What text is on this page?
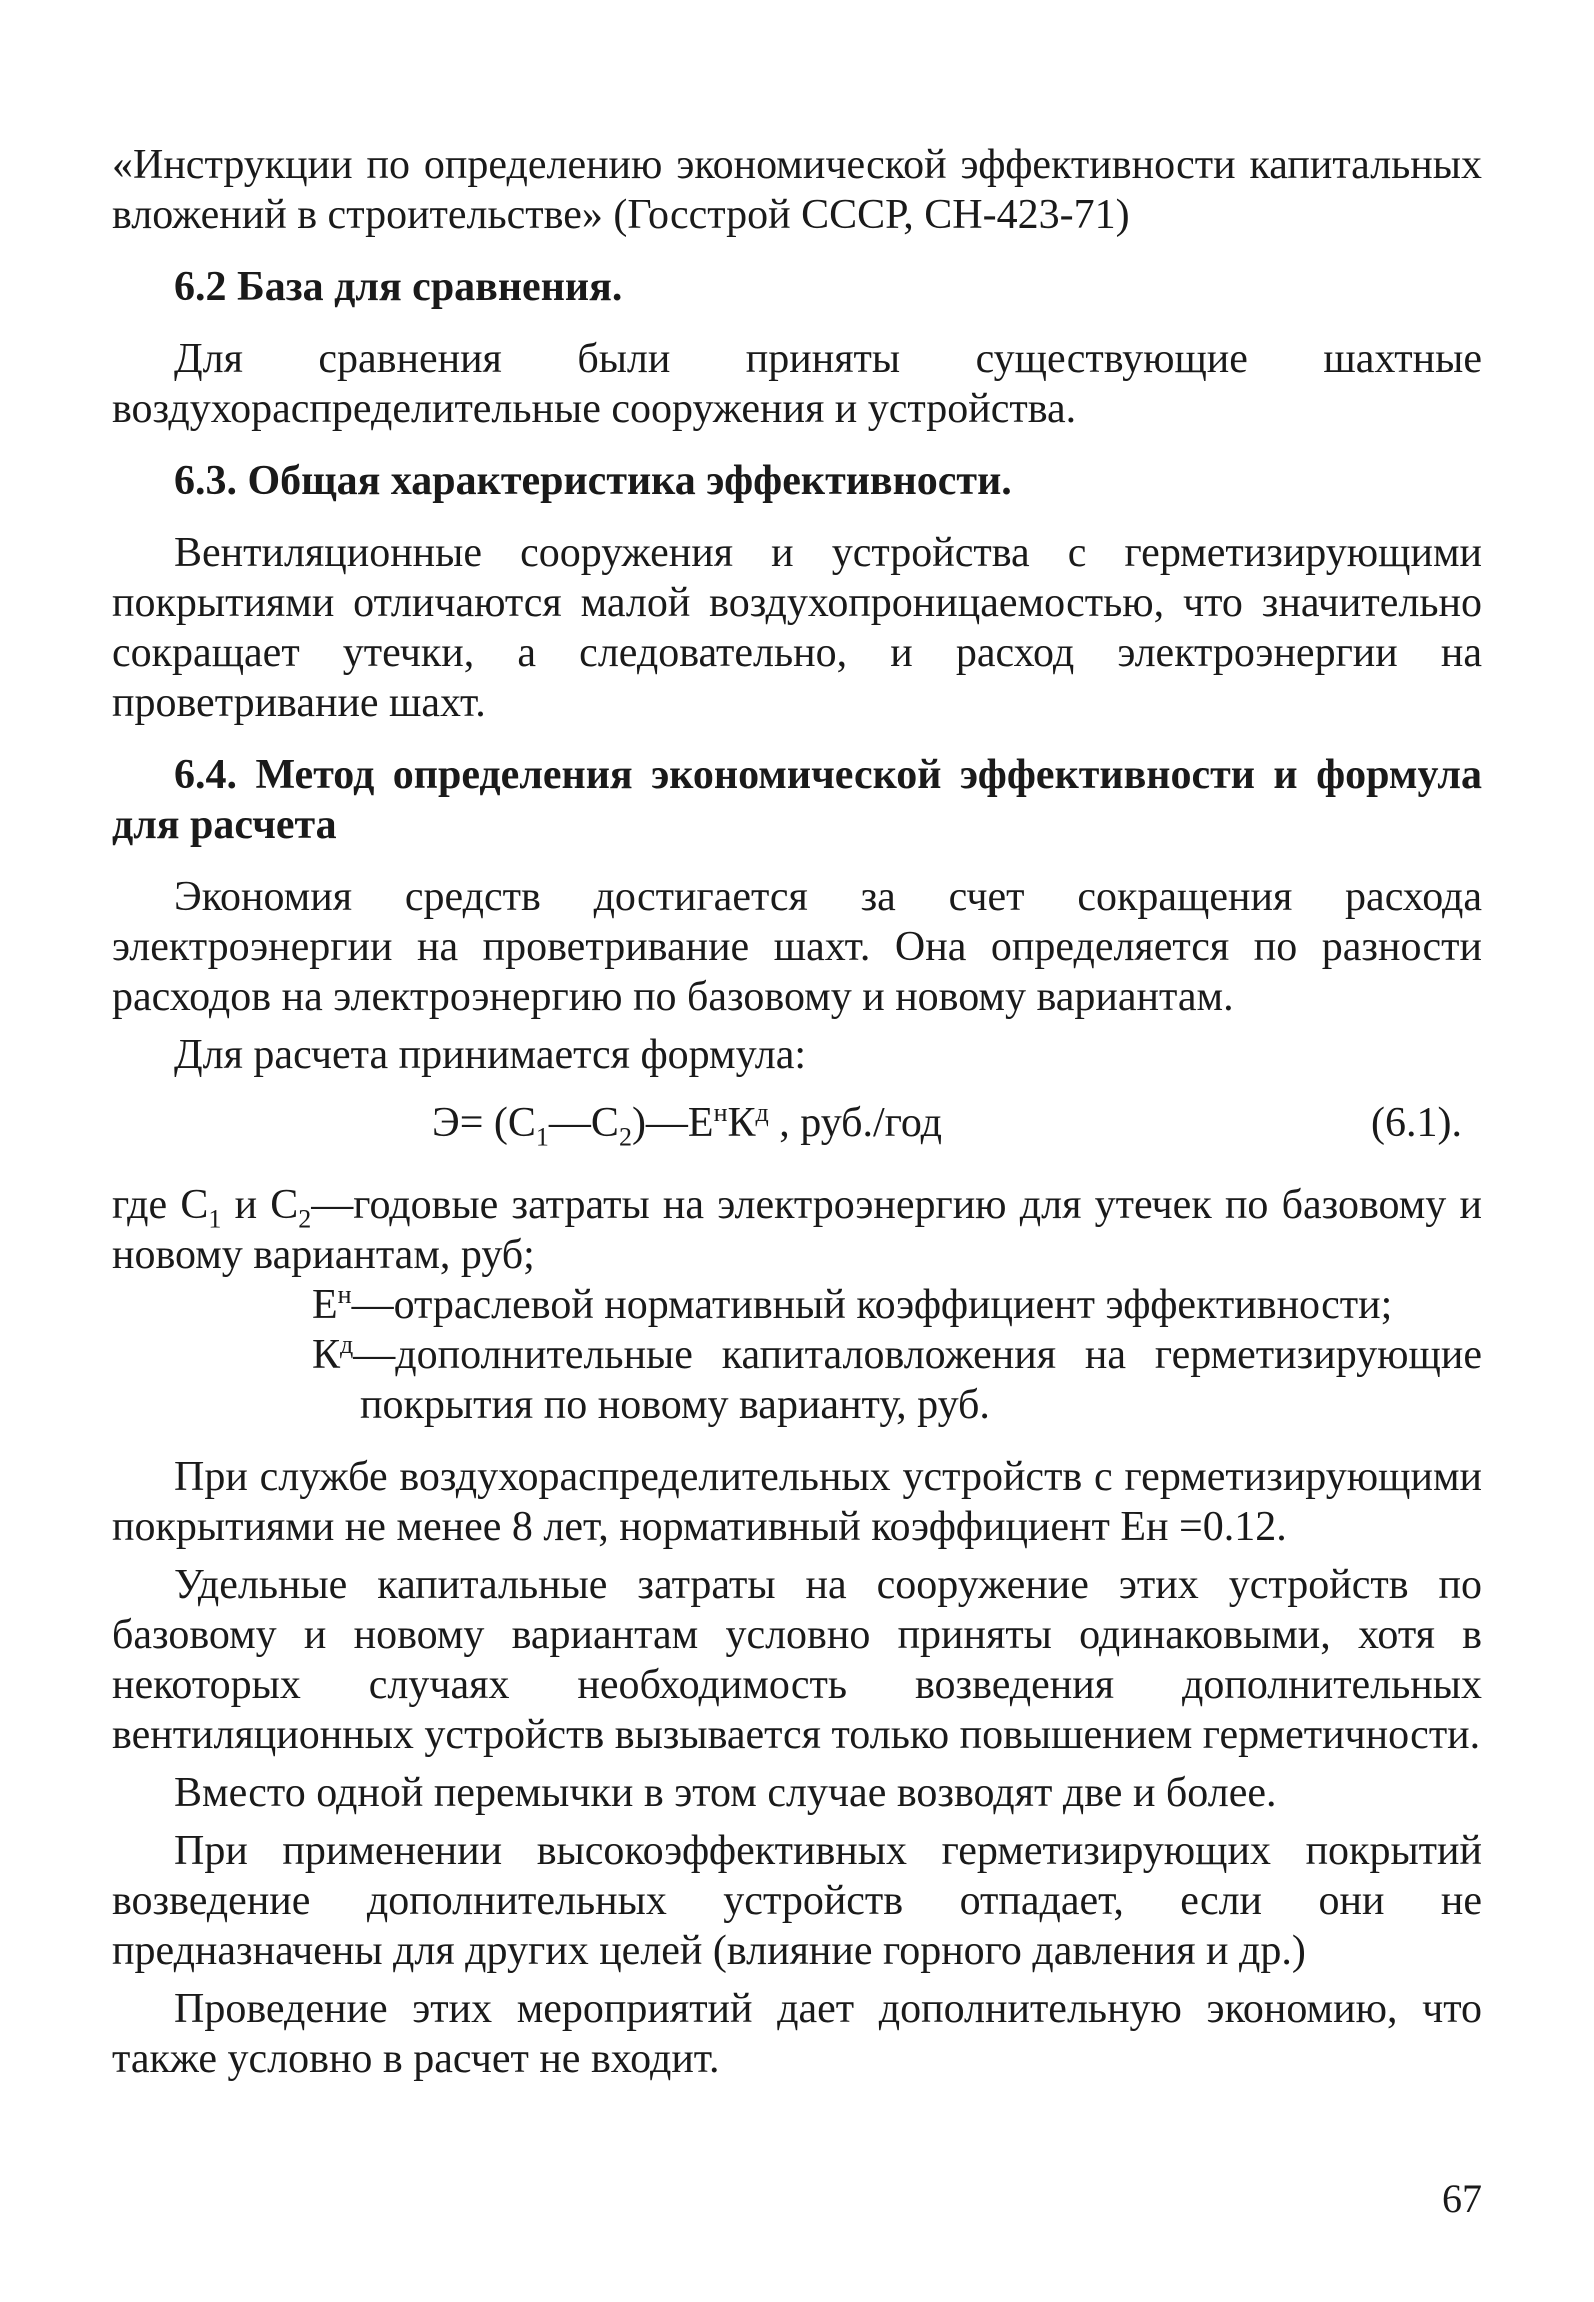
«Инструкции по определению экономической эффективности капитальных вложений в строительстве» (Госстрой СССР, СН-423-71)

6.2 База для сравнения.

Для сравнения были приняты существующие шахтные воздухораспределительные сооружения и устройства.

6.3. Общая характеристика эффективности.

Вентиляционные сооружения и устройства с герметизирующими покрытиями отличаются малой воздухопроницаемостью, что значительно сокращает утечки, а следовательно, и расход электроэнергии на проветривание шахт.

6.4. Метод определения экономической эффективности и формула для расчета

Экономия средств достигается за счет сокращения расхода электроэнергии на проветривание шахт. Она определяется по разности расходов на электроэнергию по базовому и новому вариантам.

Для расчета принимается формула:

$Э= (С_1—С_2)—Е^нК^д$ , руб./год	(6.1).

где $С_1$ и $С_2—годовые$ затраты на электроэнергию для утечек по базовому и новому вариантам, руб;

$Е^н—отраслевой$ нормативный коэффициент эффективности;

$К^д—дополнительные$ капиталовложения на герметизирующие покрытия по новому варианту, руб.

При службе воздухораспределительных устройств с герметизирующими покрытиями не менее 8 лет, нормативный коэффициент Ен =0.12.

Удельные капитальные затраты на сооружение этих устройств по базовому и новому вариантам условно приняты одинаковыми, хотя в некоторых случаях необходимость возведения дополнительных вентиляционных устройств вызывается только повышением герметичности.

Вместо одной перемычки в этом случае возводят две и более.

При применении высокоэффективных герметизирующих покрытий возведение дополнительных устройств отпадает, если они не предназначены для других целей (влияние горного давления и др.)

Проведение этих мероприятий дает дополнительную экономию, что также условно в расчет не входит.

67
